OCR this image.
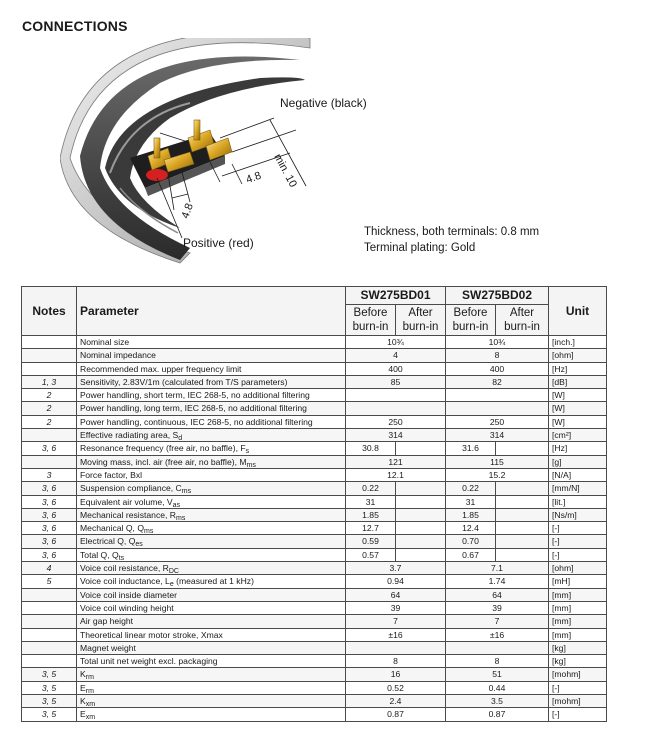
CONNECTIONS
Negative (black)
Positive (red)
min. 10
4.8
4.8
Thickness, both terminals: 0.8 mm
Terminal plating: Gold
Notes	Parameter	SW275BD01		SW275BD02		Unit
		Before burn-in	After burn-in	Before burn-in	After burn-in	
	Nominal size	10¾		10¾		[inch.]
	Nominal impedance	4		8		[ohm]
	Recommended max. upper frequency limit	400		400		[Hz]
1, 3	Sensitivity, 2.83V/1m (calculated from T/S parameters)	85		82		[dB]
2	Power handling, short term, IEC 268-5, no additional filtering					[W]
2	Power handling, long term, IEC 268-5, no additional filtering					[W]
2	Power handling, continuous, IEC 268-5, no additional filtering	250		250		[W]
	Effective radiating area, $S_d$	314		314		[cm²]
3, 6	Resonance frequency (free air, no baffle), $F_s$	30.8		31.6		[Hz]
	Moving mass, incl. air (free air, no baffle), $M_{ms}$	121		115		[g]
3	Force factor, Bxl	12.1		15.2		[N/A]
3, 6	Suspension compliance, $C_{ms}$	0.22		0.22		[mm/N]
3, 6	Equivalent air volume, $V_{as}$	31		31		[lit.]
3, 6	Mechanical resistance, $R_{ms}$	1.85		1.85		[Ns/m]
3, 6	Mechanical Q, $Q_{ms}$	12.7		12.4		[-]
3, 6	Electrical Q, $Q_{es}$	0.59		0.70		[-]
3, 6	Total Q, $Q_{ts}$	0.57		0.67		[-]
4	Voice coil resistance, $R_{DC}$	3.7		7.1		[ohm]
5	Voice coil inductance, $L_e$ (measured at 1 kHz)	0.94		1.74		[mH]
	Voice coil inside diameter	64		64		[mm]
	Voice coil winding height	39		39		[mm]
	Air gap height	7		7		[mm]
	Theoretical linear motor stroke, Xmax	±16		±16		[mm]
	Magnet weight					[kg]
	Total unit net weight excl. packaging	8		8		[kg]
3, 5	$K_{rm}$	16		51		[mohm]
3, 5	$E_{rm}$	0.52		0.44		[-]
3, 5	$K_{xm}$	2.4		3.5		[mohm]
3, 5	$E_{xm}$	0.87		0.87		[-]
